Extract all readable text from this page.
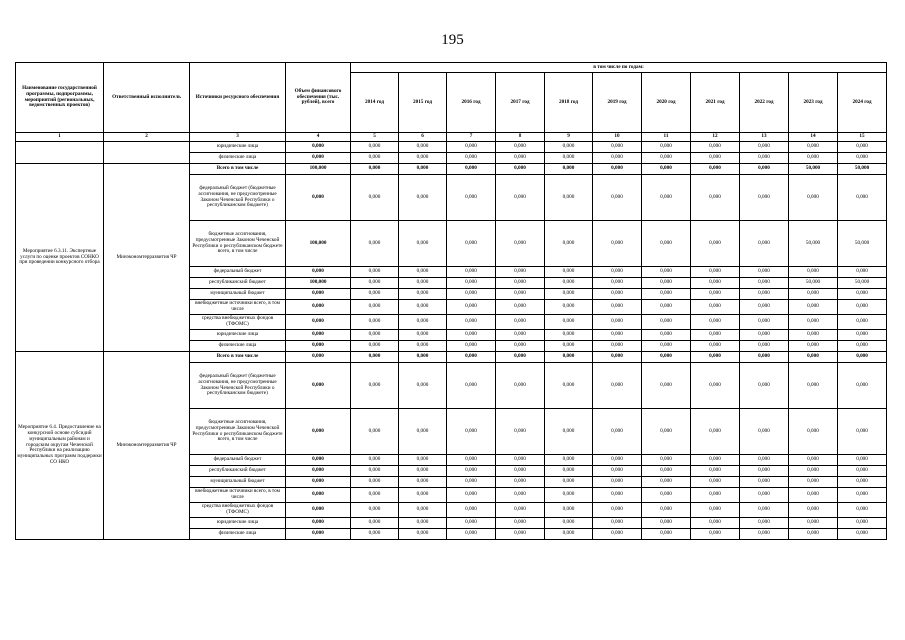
195
Наименование государственной программы, подпрограммы, мероприятий (региональных, ведомственных проектов)	Ответственный исполнитель	Источники ресурсного обеспечения	Объем финансового обеспечения (тыс. рублей), всего	в том числе по годам:										
				2014 год	2015 год	2016 год	2017 год	2018 год	2019 год	2020 год	2021 год	2022 год	2023 год	2024 год
1	2	3	4	5	6	7	8	9	10	11	12	13	14	15
		юридические лица	0,000	0,000	0,000	0,000	0,000	0,000	0,000	0,000	0,000	0,000	0,000	0,000
		физические лица	0,000	0,000	0,000	0,000	0,000	0,000	0,000	0,000	0,000	0,000	0,000	0,000
Мероприятие 6.3.11. Экспертные услуги по оценке проектов СОНКО при проведении конкурсного отбора	Минэкономтерразвития ЧР	Всего в том числе	100,000	0,000	0,000	0,000	0,000	0,000	0,000	0,000	0,000	0,000	50,000	50,000
		федеральный бюджет (бюджетные ассигнования, не предусмотренные Законом Чеченской Республики о республиканском бюджете)	0,000	0,000	0,000	0,000	0,000	0,000	0,000	0,000	0,000	0,000	0,000	0,000
		бюджетные ассигнования, предусмотренные Законом Чеченской Республики о республиканском бюджете всего, в том числе	100,000	0,000	0,000	0,000	0,000	0,000	0,000	0,000	0,000	0,000	50,000	50,000
		федеральный бюджет	0,000	0,000	0,000	0,000	0,000	0,000	0,000	0,000	0,000	0,000	0,000	0,000
		республиканский бюджет	100,000	0,000	0,000	0,000	0,000	0,000	0,000	0,000	0,000	0,000	50,000	50,000
		муниципальный бюджет	0,000	0,000	0,000	0,000	0,000	0,000	0,000	0,000	0,000	0,000	0,000	0,000
		внебюджетные источники всего, в том числе	0,000	0,000	0,000	0,000	0,000	0,000	0,000	0,000	0,000	0,000	0,000	0,000
		средства внебюджетных фондов (ТФОМС)	0,000	0,000	0,000	0,000	0,000	0,000	0,000	0,000	0,000	0,000	0,000	0,000
		юридические лица	0,000	0,000	0,000	0,000	0,000	0,000	0,000	0,000	0,000	0,000	0,000	0,000
		физические лица	0,000	0,000	0,000	0,000	0,000	0,000	0,000	0,000	0,000	0,000	0,000	0,000
Мероприятие 6.4. Предоставление на конкурсной основе субсидий муниципальным районам и городским округам Чеченской Республики на реализацию муниципальных программ поддержки СО НКО	Минэкономтерразвития ЧР	Всего в том числе	0,000	0,000	0,000	0,000	0,000	0,000	0,000	0,000	0,000	0,000	0,000	0,000
		федеральный бюджет (бюджетные ассигнования, не предусмотренные Законом Чеченской Республики о республиканском бюджете)	0,000	0,000	0,000	0,000	0,000	0,000	0,000	0,000	0,000	0,000	0,000	0,000
		бюджетные ассигнования, предусмотренные Законом Чеченской Республики о республиканском бюджете всего, в том числе	0,000	0,000	0,000	0,000	0,000	0,000	0,000	0,000	0,000	0,000	0,000	0,000
		федеральный бюджет	0,000	0,000	0,000	0,000	0,000	0,000	0,000	0,000	0,000	0,000	0,000	0,000
		республиканский бюджет	0,000	0,000	0,000	0,000	0,000	0,000	0,000	0,000	0,000	0,000	0,000	0,000
		муниципальный бюджет	0,000	0,000	0,000	0,000	0,000	0,000	0,000	0,000	0,000	0,000	0,000	0,000
		внебюджетные источники всего, в том числе	0,000	0,000	0,000	0,000	0,000	0,000	0,000	0,000	0,000	0,000	0,000	0,000
		средства внебюджетных фондов (ТФОМС)	0,000	0,000	0,000	0,000	0,000	0,000	0,000	0,000	0,000	0,000	0,000	0,000
		юридические лица	0,000	0,000	0,000	0,000	0,000	0,000	0,000	0,000	0,000	0,000	0,000	0,000
		физические лица	0,000	0,000	0,000	0,000	0,000	0,000	0,000	0,000	0,000	0,000	0,000	0,000
